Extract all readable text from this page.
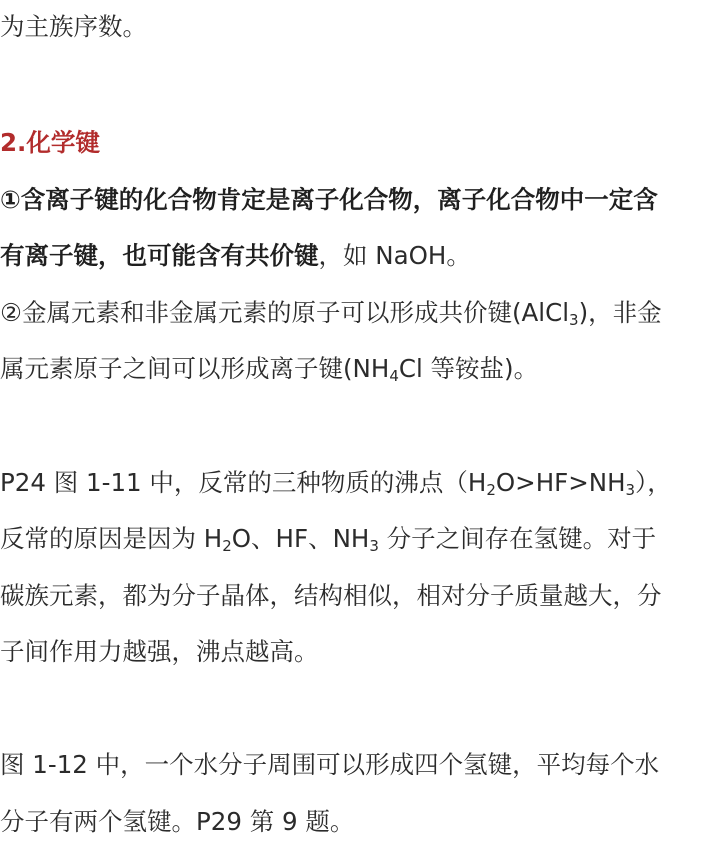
为主族序数。
2.化学键
①含离子键的化合物肯定是离子化合物，离子化合物中一定含
有离子键，也可能含有共价键，如 NaOH。
②金属元素和非金属元素的原子可以形成共价键(AlCl$_3$)，非金
属元素原子之间可以形成离子键($NH_4Cl$ 等铵盐)。
P24 图 1-11 中，反常的三种物质的沸点$(H_2O>HF>NH_3)$，
反常的原因是因为 $H_2O$、HF、$NH_3$ 分子之间存在氢键。对于
碳族元素，都为分子晶体，结构相似，相对分子质量越大，分
子间作用力越强，沸点越高。
图 1-12 中，一个水分子周围可以形成四个氢键，平均每个水
分子有两个氢键。P29 第 9 题。
